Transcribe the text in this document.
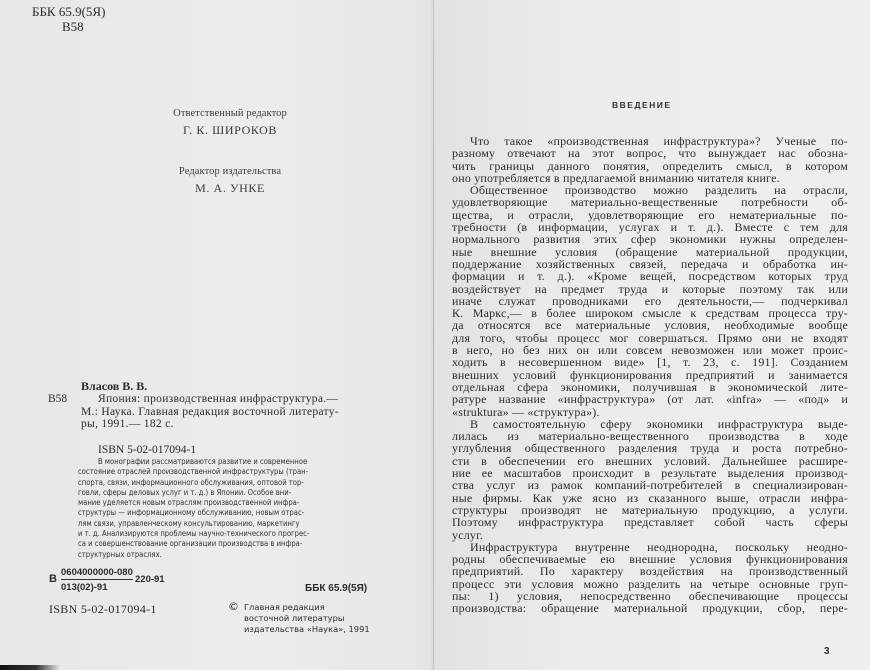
ББК 65.9(5Я)
В58
Ответственный редактор
Г. К. ШИРОКОВ
Редактор издательства
М. А. УНКЕ
Власов В. В.
В58	Япония: производственная инфраструктура.—
М.: Наука. Главная редакция восточной литерату-
ры, 1991.— 182 с.
ISBN 5-02-017094-1
В монографии рассматриваются развитие и современное
состояние отраслей производственной инфраструктуры (тран-
спорта, связи, информационного обслуживания, оптовой тор-
говли, сферы деловых услуг и т. д.) в Японии. Особое вни-
мание уделяется новым отраслям производственной инфра-
структуры — информационному обслуживанию, новым отрас-
лям связи, управленческому консультированию, маркетингу
и т. д. Анализируются проблемы научно-технического прогрес-
са и совершенствование организации производства в инфра-
структурных отраслях.
В
0604000000-080
013(02)-91
220-91
ББК 65.9(5Я)
ISBN 5-02-017094-1	© Главная редакция
восточной литературы
издательства «Наука», 1991
ВВЕДЕНИЕ
Что такое «производственная инфраструктура»? Ученые по-
разному отвечают на этот вопрос, что вынуждает нас обозна-
чить границы данного понятия, определить смысл, в котором
оно употребляется в предлагаемой вниманию читателя книге.
Общественное производство можно разделить на отрасли,
удовлетворяющие материально-вещественные потребности об-
щества, и отрасли, удовлетворяющие его нематериальные по-
требности (в информации, услугах и т. д.). Вместе с тем для
нормального развития этих сфер экономики нужны определен-
ные внешние условия (обращение материальной продукции,
поддержание хозяйственных связей, передача и обработка ин-
формации и т. д.). «Кроме вещей, посредством которых труд
воздействует на предмет труда и которые поэтому так или
иначе служат проводниками его деятельности,— подчеркивал
К. Маркс,— в более широком смысле к средствам процесса тру-
да относятся все материальные условия, необходимые вообще
для того, чтобы процесс мог совершаться. Прямо они не входят
в него, но без них он или совсем невозможен или может проис-
ходить в несовершенном виде» [1, т. 23, с. 191]. Созданием
внешних условий функционирования предприятий и занимается
отдельная сфера экономики, получившая в экономической лите-
ратуре название «инфраструктура» (от лат. «infra» — «под» и
«struktura» — «структура»).
В самостоятельную сферу экономики инфраструктура выде-
лилась из материально-вещественного производства в ходе
углубления общественного разделения труда и роста потребно-
сти в обеспечении его внешних условий. Дальнейшее расшире-
ние ее масштабов происходит в результате выделения производ-
ства услуг из рамок компаний-потребителей в специализирован-
ные фирмы. Как уже ясно из сказанного выше, отрасли инфра-
структуры производят не материальную продукцию, а услуги.
Поэтому инфраструктура представляет собой часть сферы
услуг.
Инфраструктура внутренне неоднородна, поскольку неодно-
родны обеспечиваемые ею внешние условия функционирования
предприятий. По характеру воздействия на производственный
процесс эти условия можно разделить на четыре основные груп-
пы: 1) условия, непосредственно обеспечивающие процессы
производства: обращение материальной продукции, сбор, пере-
3
